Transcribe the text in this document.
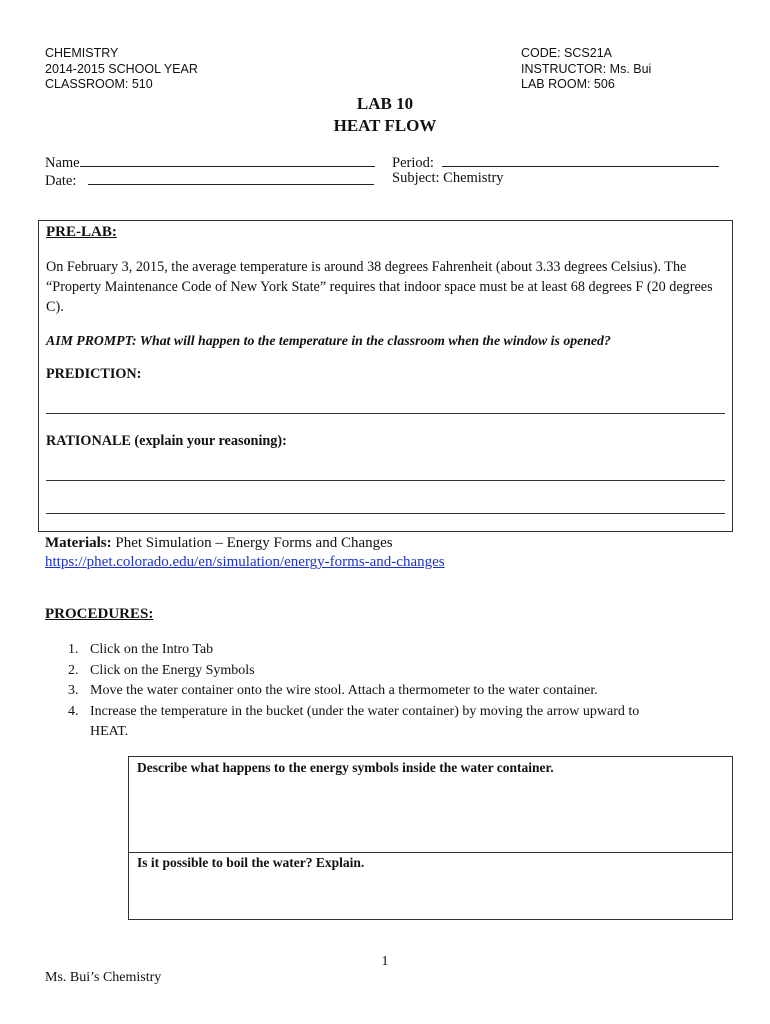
CHEMISTRY
2014-2015 SCHOOL YEAR
CLASSROOM: 510
CODE: SCS21A
INSTRUCTOR: Ms. Bui
LAB ROOM: 506
LAB 10
HEAT FLOW
Name
Date:
Period:
Subject: Chemistry
PRE-LAB:
On February 3, 2015, the average temperature is around 38 degrees Fahrenheit (about 3.33 degrees Celsius). The “Property Maintenance Code of New York State” requires that indoor space must be at least 68 degrees F (20 degrees C).
AIM PROMPT: What will happen to the temperature in the classroom when the window is opened?
PREDICTION:
RATIONALE (explain your reasoning):
Materials: Phet Simulation – Energy Forms and Changes
https://phet.colorado.edu/en/simulation/energy-forms-and-changes
PROCEDURES:
1. Click on the Intro Tab
2. Click on the Energy Symbols
3. Move the water container onto the wire stool. Attach a thermometer to the water container.
4. Increase the temperature in the bucket (under the water container) by moving the arrow upward to HEAT.
Describe what happens to the energy symbols inside the water container.
Is it possible to boil the water? Explain.
1
Ms. Bui’s Chemistry
